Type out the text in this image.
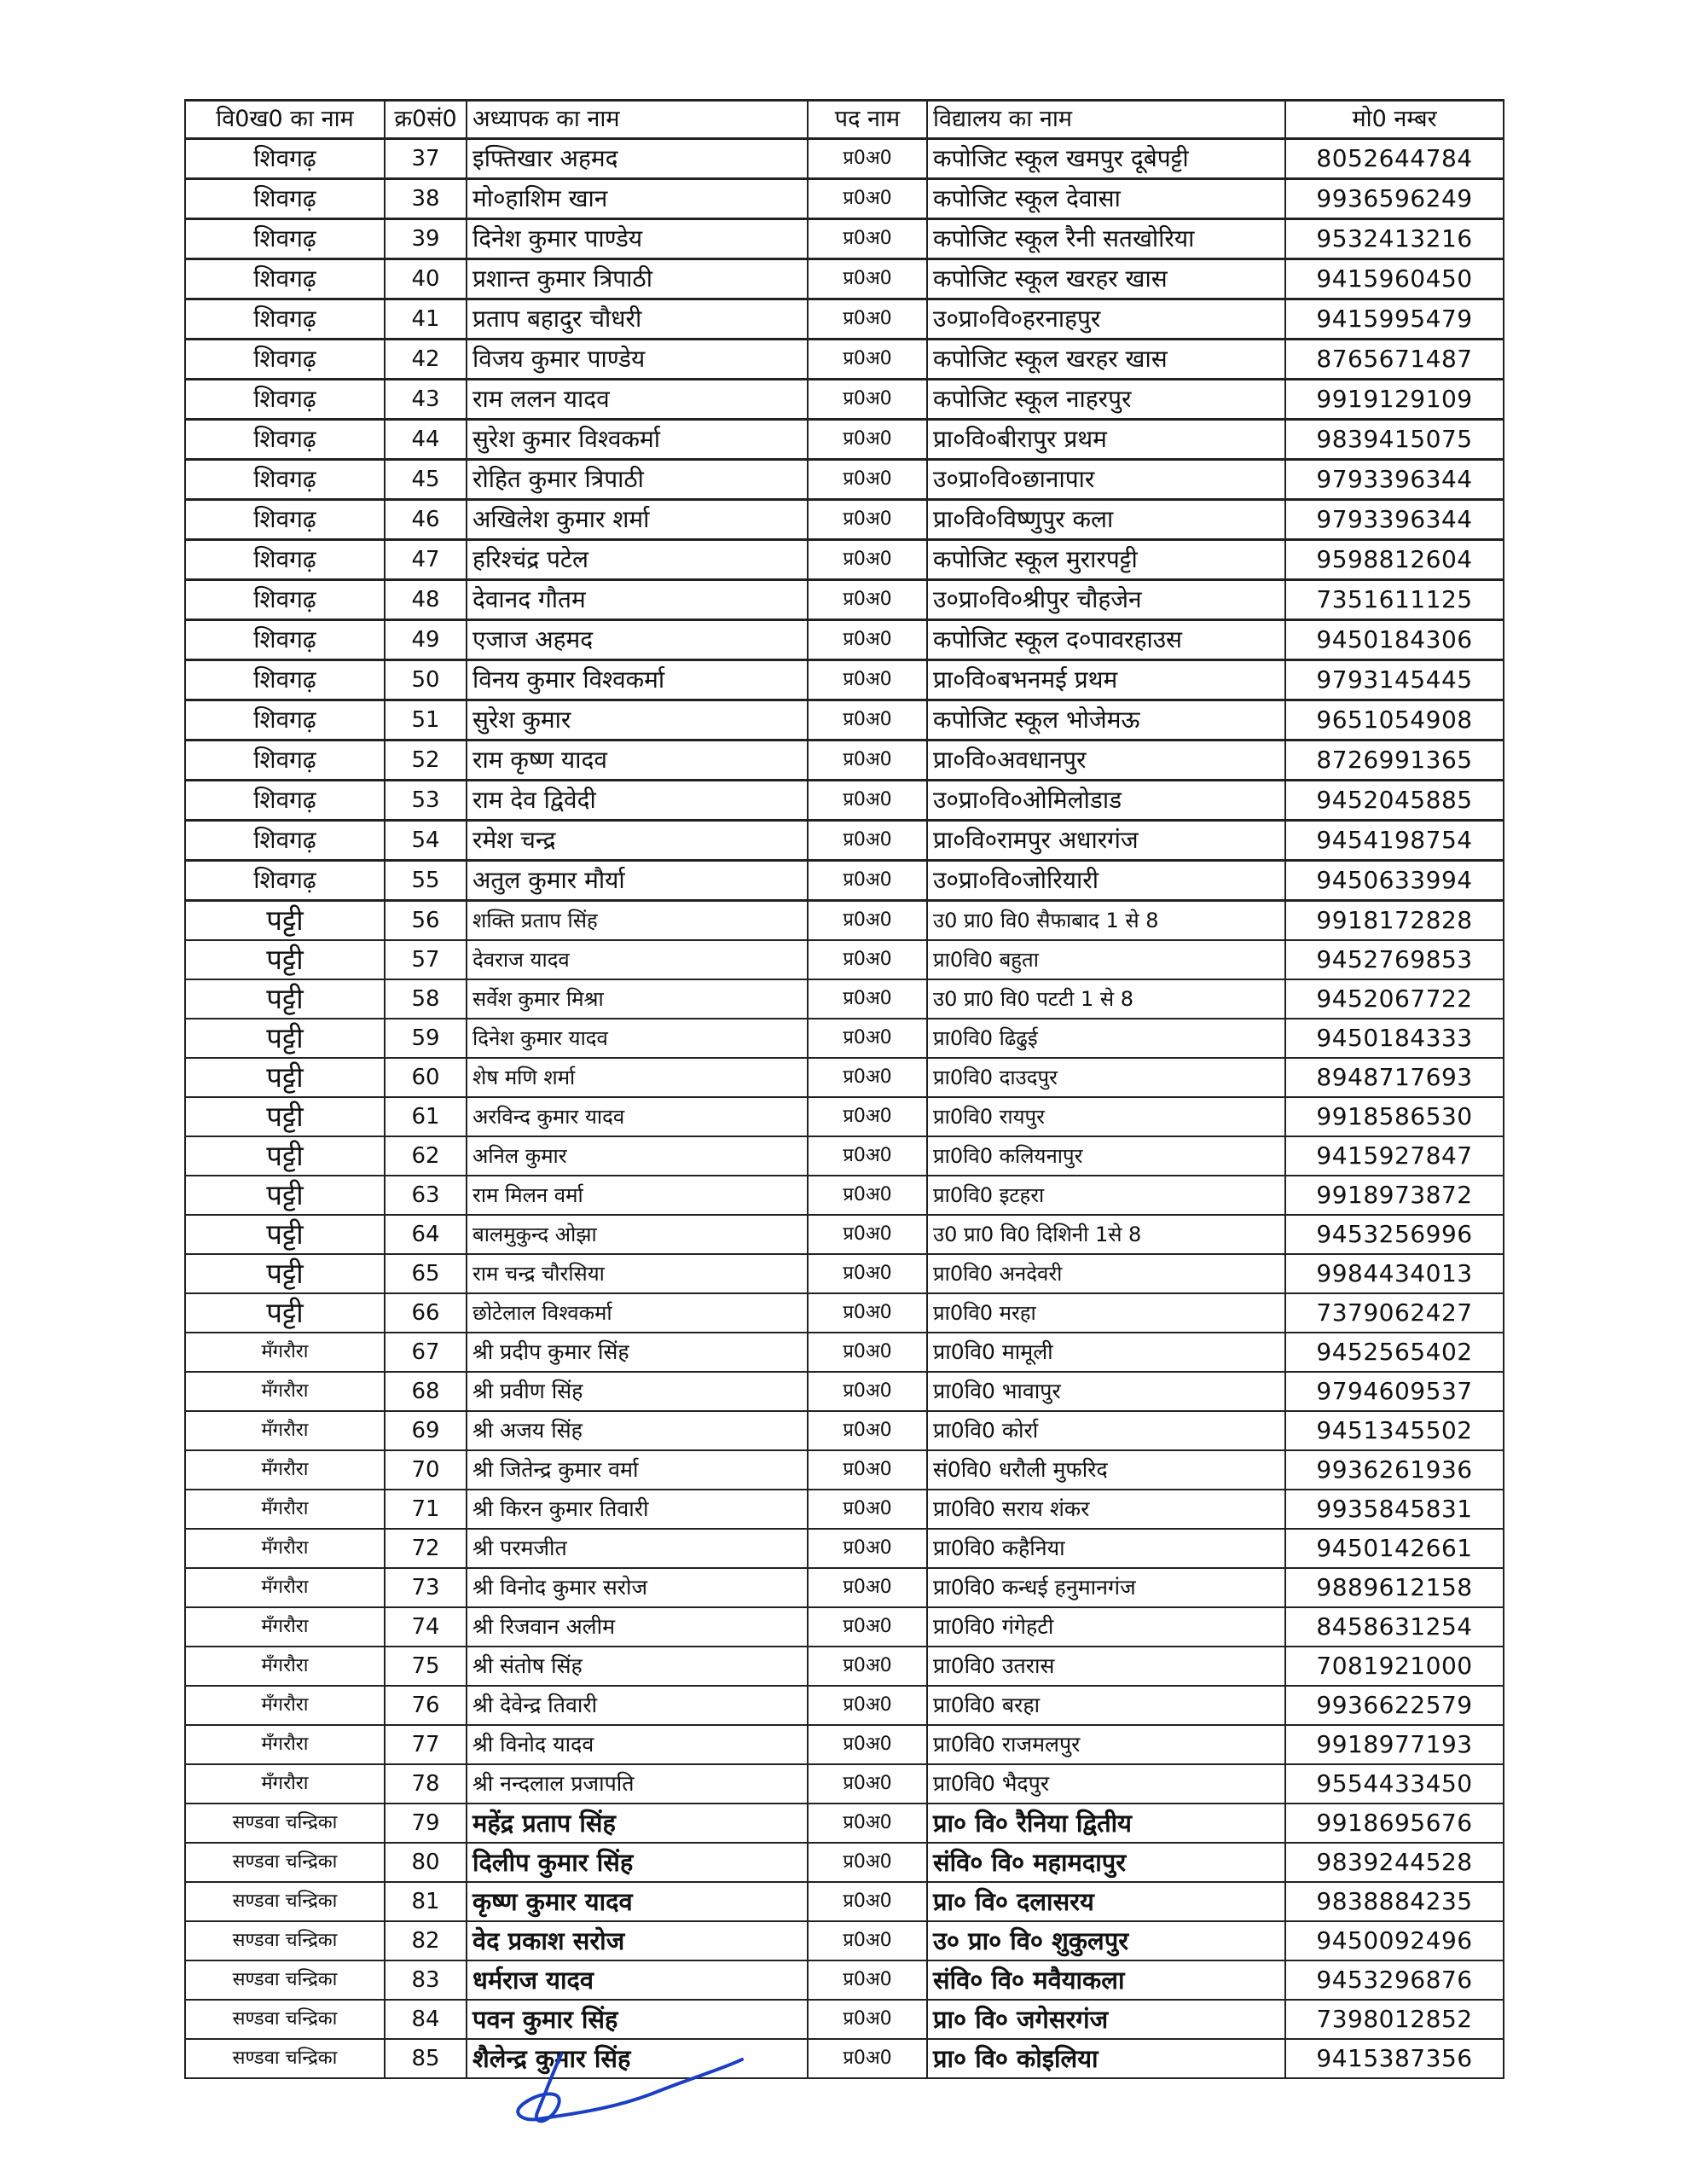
वि0ख0 का नाम	क्र0सं0	अध्यापक का नाम	पद नाम	विद्यालय का नाम	मो0 नम्बर
शिवगढ़	37	इफ्तिखार अहमद	प्र0अ0	कपोजिट स्कूल खमपुर दूबेपट्टी	8052644784
शिवगढ़	38	मो०हाशिम खान	प्र0अ0	कपोजिट स्कूल देवासा	9936596249
शिवगढ़	39	दिनेश कुमार पाण्डेय	प्र0अ0	कपोजिट स्कूल रैनी सतखोरिया	9532413216
शिवगढ़	40	प्रशान्त कुमार त्रिपाठी	प्र0अ0	कपोजिट स्कूल खरहर खास	9415960450
शिवगढ़	41	प्रताप बहादुर चौधरी	प्र0अ0	उ०प्रा०वि०हरनाहपुर	9415995479
शिवगढ़	42	विजय कुमार पाण्डेय	प्र0अ0	कपोजिट स्कूल खरहर खास	8765671487
शिवगढ़	43	राम ललन यादव	प्र0अ0	कपोजिट स्कूल नाहरपुर	9919129109
शिवगढ़	44	सुरेश कुमार विश्वकर्मा	प्र0अ0	प्रा०वि०बीरापुर प्रथम	9839415075
शिवगढ़	45	रोहित कुमार त्रिपाठी	प्र0अ0	उ०प्रा०वि०छानापार	9793396344
शिवगढ़	46	अखिलेश कुमार शर्मा	प्र0अ0	प्रा०वि०विष्णुपुर कला	9793396344
शिवगढ़	47	हरिश्चंद्र पटेल	प्र0अ0	कपोजिट स्कूल मुरारपट्टी	9598812604
शिवगढ़	48	देवानद गौतम	प्र0अ0	उ०प्रा०वि०श्रीपुर चौहजेन	7351611125
शिवगढ़	49	एजाज अहमद	प्र0अ0	कपोजिट स्कूल द०पावरहाउस	9450184306
शिवगढ़	50	विनय कुमार विश्वकर्मा	प्र0अ0	प्रा०वि०बभनमई प्रथम	9793145445
शिवगढ़	51	सुरेश कुमार	प्र0अ0	कपोजिट स्कूल भोजेमऊ	9651054908
शिवगढ़	52	राम कृष्ण यादव	प्र0अ0	प्रा०वि०अवधानपुर	8726991365
शिवगढ़	53	राम देव द्विवेदी	प्र0अ0	उ०प्रा०वि०ओमिलोडाड	9452045885
शिवगढ़	54	रमेश चन्द्र	प्र0अ0	प्रा०वि०रामपुर अधारगंज	9454198754
शिवगढ़	55	अतुल कुमार मौर्या	प्र0अ0	उ०प्रा०वि०जोरियारी	9450633994
पट्टी	56	शक्ति प्रताप सिंह	प्र0अ0	उ0 प्रा0 वि0 सैफाबाद 1 से 8	9918172828
पट्टी	57	देवराज यादव	प्र0अ0	प्रा0वि0 बहुता	9452769853
पट्टी	58	सर्वेश कुमार मिश्रा	प्र0अ0	उ0 प्रा0 वि0 पटटी 1 से 8	9452067722
पट्टी	59	दिनेश कुमार यादव	प्र0अ0	प्रा0वि0 ढिढुई	9450184333
पट्टी	60	शेष मणि शर्मा	प्र0अ0	प्रा0वि0 दाउदपुर	8948717693
पट्टी	61	अरविन्द कुमार यादव	प्र0अ0	प्रा0वि0 रायपुर	9918586530
पट्टी	62	अनिल कुमार	प्र0अ0	प्रा0वि0 कलियनापुर	9415927847
पट्टी	63	राम मिलन वर्मा	प्र0अ0	प्रा0वि0 इटहरा	9918973872
पट्टी	64	बालमुकुन्द ओझा	प्र0अ0	उ0 प्रा0 वि0 दिशिनी 1से 8	9453256996
पट्टी	65	राम चन्द्र चौरसिया	प्र0अ0	प्रा0वि0 अनदेवरी	9984434013
पट्टी	66	छोटेलाल विश्वकर्मा	प्र0अ0	प्रा0वि0 मरहा	7379062427
मँगरौरा	67	श्री प्रदीप कुमार सिंह	प्र0अ0	प्रा0वि0 मामूली	9452565402
मँगरौरा	68	श्री प्रवीण सिंह	प्र0अ0	प्रा0वि0 भावापुर	9794609537
मँगरौरा	69	श्री अजय सिंह	प्र0अ0	प्रा0वि0 कोर्रा	9451345502
मँगरौरा	70	श्री जितेन्द्र कुमार वर्मा	प्र0अ0	सं0वि0 धरौली मुफरिद	9936261936
मँगरौरा	71	श्री किरन कुमार तिवारी	प्र0अ0	प्रा0वि0 सराय शंकर	9935845831
मँगरौरा	72	श्री परमजीत	प्र0अ0	प्रा0वि0 कहैनिया	9450142661
मँगरौरा	73	श्री विनोद कुमार सरोज	प्र0अ0	प्रा0वि0 कन्धई हनुमानगंज	9889612158
मँगरौरा	74	श्री रिजवान अलीम	प्र0अ0	प्रा0वि0 गंगेहटी	8458631254
मँगरौरा	75	श्री संतोष सिंह	प्र0अ0	प्रा0वि0 उतरास	7081921000
मँगरौरा	76	श्री देवेन्द्र तिवारी	प्र0अ0	प्रा0वि0 बरहा	9936622579
मँगरौरा	77	श्री विनोद यादव	प्र0अ0	प्रा0वि0 राजमलपुर	9918977193
मँगरौरा	78	श्री नन्दलाल प्रजापति	प्र0अ0	प्रा0वि0 भैदपुर	9554433450
सण्डवा चन्द्रिका	79	महेंद्र प्रताप सिंह	प्र0अ0	प्रा० वि० रैनिया द्वितीय	9918695676
सण्डवा चन्द्रिका	80	दिलीप कुमार सिंह	प्र0अ0	संवि० वि० महामदापुर	9839244528
सण्डवा चन्द्रिका	81	कृष्ण कुमार यादव	प्र0अ0	प्रा० वि० दलासरय	9838884235
सण्डवा चन्द्रिका	82	वेद प्रकाश सरोज	प्र0अ0	उ० प्रा० वि० शुकुलपुर	9450092496
सण्डवा चन्द्रिका	83	धर्मराज यादव	प्र0अ0	संवि० वि० मवैयाकला	9453296876
सण्डवा चन्द्रिका	84	पवन कुमार सिंह	प्र0अ0	प्रा० वि० जगेसरगंज	7398012852
सण्डवा चन्द्रिका	85	शैलेन्द्र कुमार सिंह	प्र0अ0	प्रा० वि० कोइलिया	9415387356
